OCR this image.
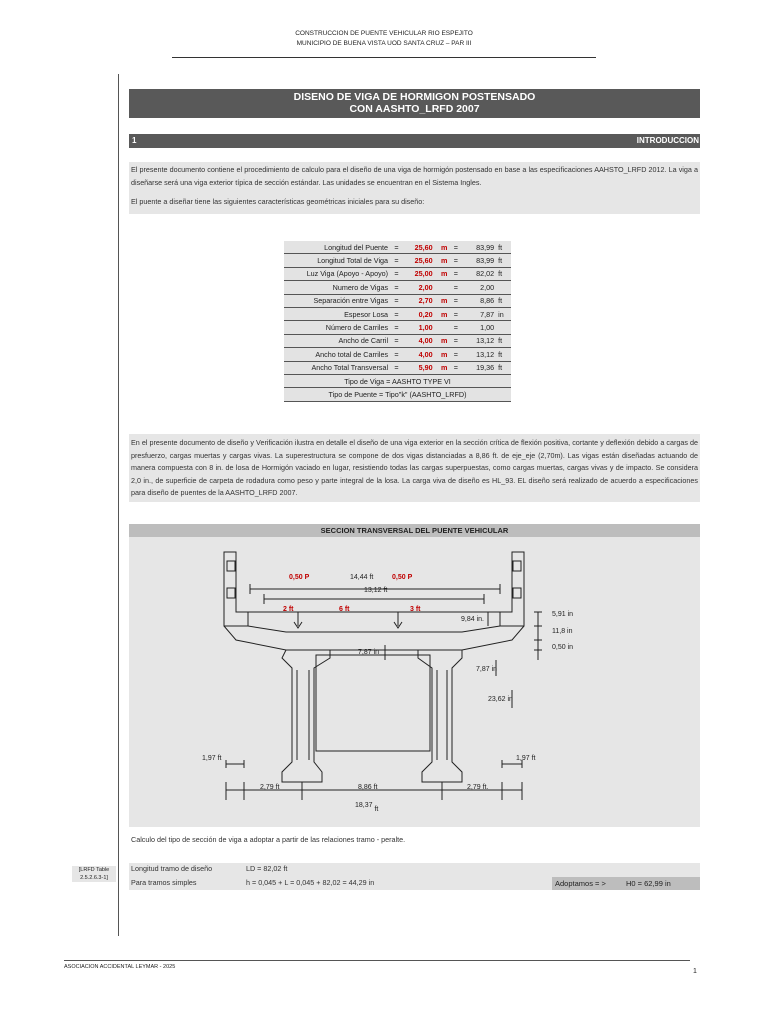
CONSTRUCCION DE PUENTE VEHICULAR RIO ESPEJITO
MUNICIPIO DE BUENA VISTA UOD SANTA CRUZ – PAR III
DISENO DE VIGA DE HORMIGON POSTENSADO
CON AASHTO_LRFD 2007
1	INTRODUCCION
El presente documento contiene el procedimiento de calculo para el diseño de una viga de hormigón postensado en base a las especificaciones AAHSTO_LRFD 2012. La viga a diseñarse será una viga exterior típica de sección estándar. Las unidades se encuentran en el Sistema Ingles.
El puente a diseñar tiene las siguientes características geométricas iniciales para su diseño:
Longitud del Puente	=	25,60	m	=	83,99	ft
Longitud Total de Viga	=	25,60	m	=	83,99	ft
Luz Viga (Apoyo - Apoyo)	=	25,00	m	=	82,02	ft
Numero de Vigas	=	2,00		=	2,00	
Separación entre Vigas	=	2,70	m	=	8,86	ft
Espesor Losa	=	0,20	m	=	7,87	in
Número de Carriles	=	1,00		=	1,00	
Ancho de Carril	=	4,00	m	=	13,12	ft
Ancho total de Carriles	=	4,00	m	=	13,12	ft
Ancho Total Transversal	=	5,90	m	=	19,36	ft
Tipo de Viga = AASHTO TYPE VI						
Tipo de Puente = Tipo"k" (AASHTO_LRFD)						
En el presente documento de diseño y Verificación ilustra en detalle el diseño de una viga exterior en la sección crítica de flexión positiva, cortante y deflexión debido a cargas de presfuerzo, cargas muertas y cargas vivas. La superestructura se compone de dos vigas distanciadas a 8,86 ft. de eje_eje (2,70m). Las vigas están diseñadas actuando de manera compuesta con 8 in. de losa de Hormigón vaciado en lugar, resistiendo todas las cargas superpuestas, como cargas muertas, cargas vivas y de impacto. Se considera 2,0 in., de superficie de carpeta de rodadura como peso y parte integral de la losa. La carga viva de diseño es HL_93. EL diseño será realizado de acuerdo a especificaciones para diseño de puentes de la AASHTO_LRFD 2007.
SECCION TRANSVERSAL DEL PUENTE VEHICULAR
0,50 P	14,44 ft	0,50 P
13,12 ft
2 ft	6 ft	3 ft
9,84 in.
5,91 in
11,8 in
0,50 in
7,87 in
7,87 in
23,62 in
1,97 ft	1,97 ft
2,79 ft	8,86 ft	2,79 ft.
18,37 ft
Calculo del tipo de sección de viga a adoptar a partir de las relaciones tramo - peralte.
[LRFD Table 2.5.2.6.3-1]
Longitud tramo de diseño	LD = 82,02 ft
Para tramos simples	h = 0,045 + L = 0,045 + 82,02 = 44,29 in	Adoptamos = >	H0 = 62,99 in
ASOCIACION ACCIDENTAL LEYMAR - 2025
1
